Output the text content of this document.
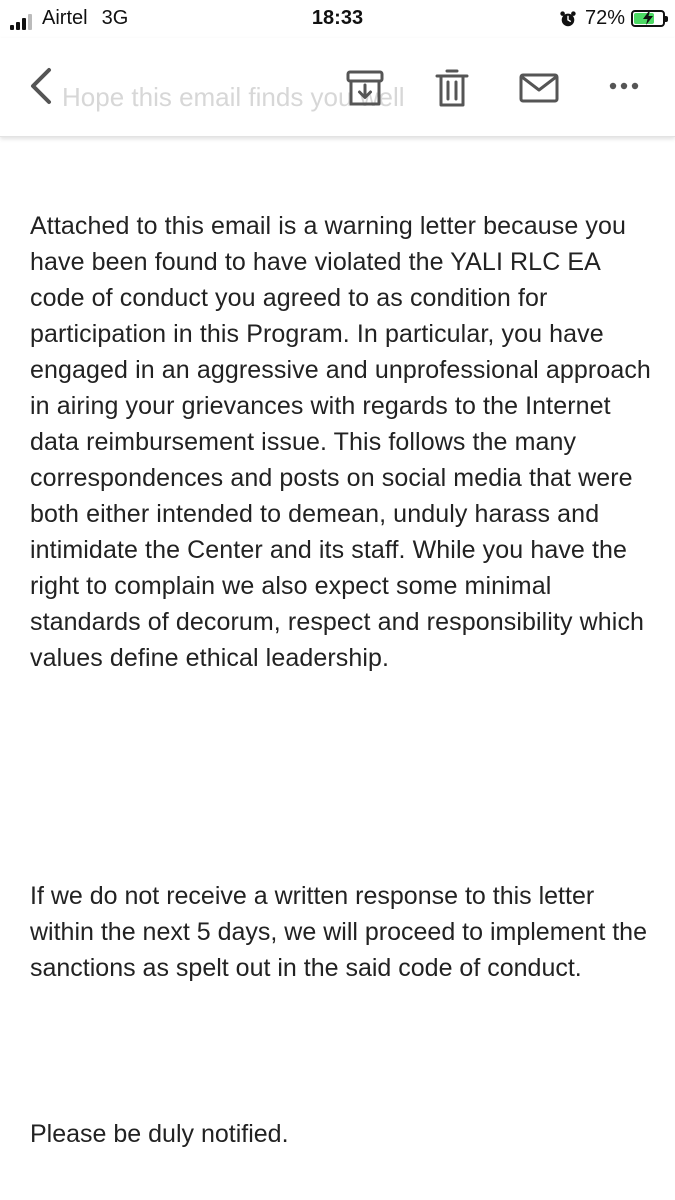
Airtel 3G	18:33	72%
Hope this email finds you well

Attached to this email is a warning letter because you have been found to have violated the YALI RLC EA code of conduct you agreed to as condition for participation in this Program. In particular, you have engaged in an aggressive and unprofessional approach in airing your grievances with regards to the Internet data reimbursement issue. This follows the many correspondences and posts on social media that were both either intended to demean, unduly harass and intimidate the Center and its staff. While you have the right to complain we also expect some minimal standards of decorum, respect and responsibility which values define ethical leadership.

If we do not receive a written response to this letter within the next 5 days, we will proceed to implement the sanctions as spelt out in the said code of conduct.

Please be duly notified.
